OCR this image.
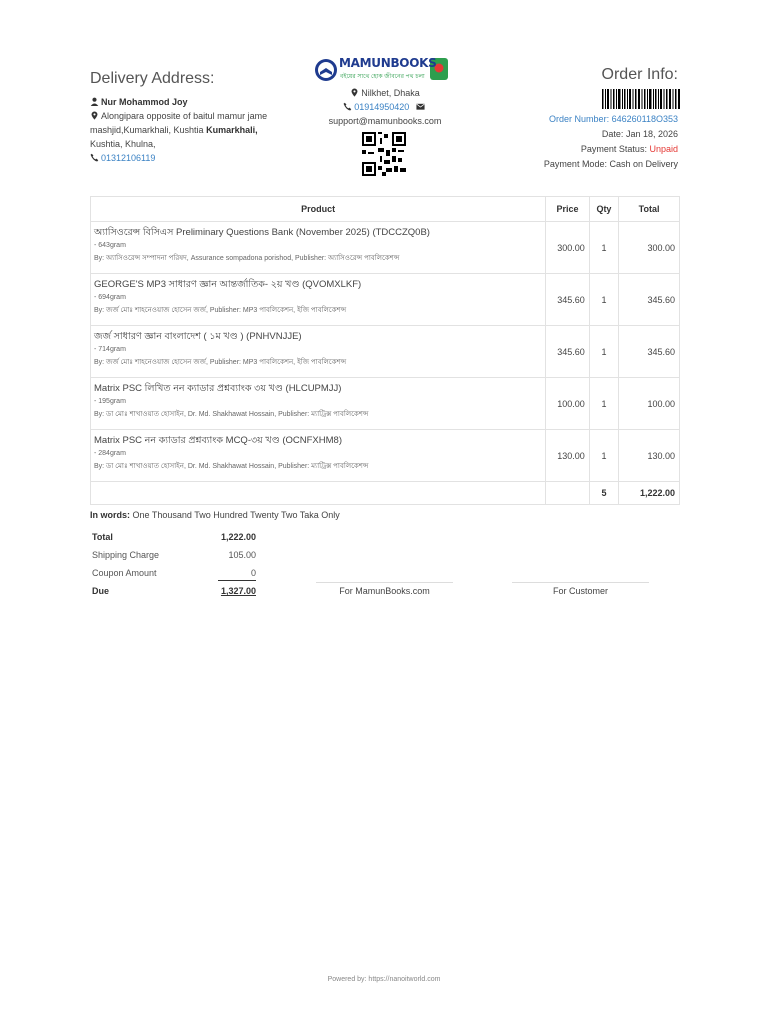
Delivery Address:
Nur Mohammod Joy
Alongipara opposite of baitul mamur jame mashjid,Kumarkhali, Kushtia Kumarkhali,
Kushtia, Khulna,
01312106119
MAMUNBOOKS
বইয়ের সাথে হোক জীবনের পথ চলা
Nilkhet, Dhaka
01914950420
support@mamunbooks.com
Order Info:
Order Number: 646260118O353
Date: Jan 18, 2026
Payment Status: Unpaid
Payment Mode: Cash on Delivery
Product	Price	Qty	Total

অ্যাসিওরেন্স বিসিএস Preliminary Questions Bank (November 2025) (TDCCZQ0B)
- 643gram
By: অ্যাসিওরেন্স সম্পাদনা পরিষদ, Assurance sompadona porishod, Publisher: অ্যাসিওরেন্স পাবলিকেশন্স	300.00	1	300.00

GEORGE'S MP3 সাধারণ জ্ঞান আন্তর্জাতিক- ২য় খণ্ড (QVOMXLKF)
- 694gram
By: জর্জ মোঃ শাহনেওয়াজ হোসেন জর্জ, Publisher: MP3 পাবলিকেশন, ইজি পাবলিকেশন্স	345.60	1	345.60

জর্জ সাধারণ জ্ঞান বাংলাদেশ ( ১ম খণ্ড ) (PNHVNJJE)
- 714gram
By: জর্জ মোঃ শাহনেওয়াজ হোসেন জর্জ, Publisher: MP3 পাবলিকেশন, ইজি পাবলিকেশন্স	345.60	1	345.60

Matrix PSC লিখিত নন ক্যাডার প্রশ্নব্যাংক ৩য় খণ্ড (HLCUPMJJ)
- 195gram
By: ডা মোঃ শাখাওয়াত হোসাইন, Dr. Md. Shakhawat Hossain, Publisher: ম্যাট্রিক্স পাবলিকেশন্স	100.00	1	100.00

Matrix PSC নন ক্যাডার প্রশ্নব্যাংক MCQ-৩য় খণ্ড (OCNFXHM8)
- 284gram
By: ডা মোঃ শাখাওয়াত হোসাইন, Dr. Md. Shakhawat Hossain, Publisher: ম্যাট্রিক্স পাবলিকেশন্স	130.00	1	130.00
		5	1,222.00
In words: One Thousand Two Hundred Twenty Two Taka Only
Total	1,222.00
Shipping Charge	105.00
Coupon Amount	0
Due	1,327.00	For MamunBooks.com	For Customer
Powered by: https://nanoitworld.com
